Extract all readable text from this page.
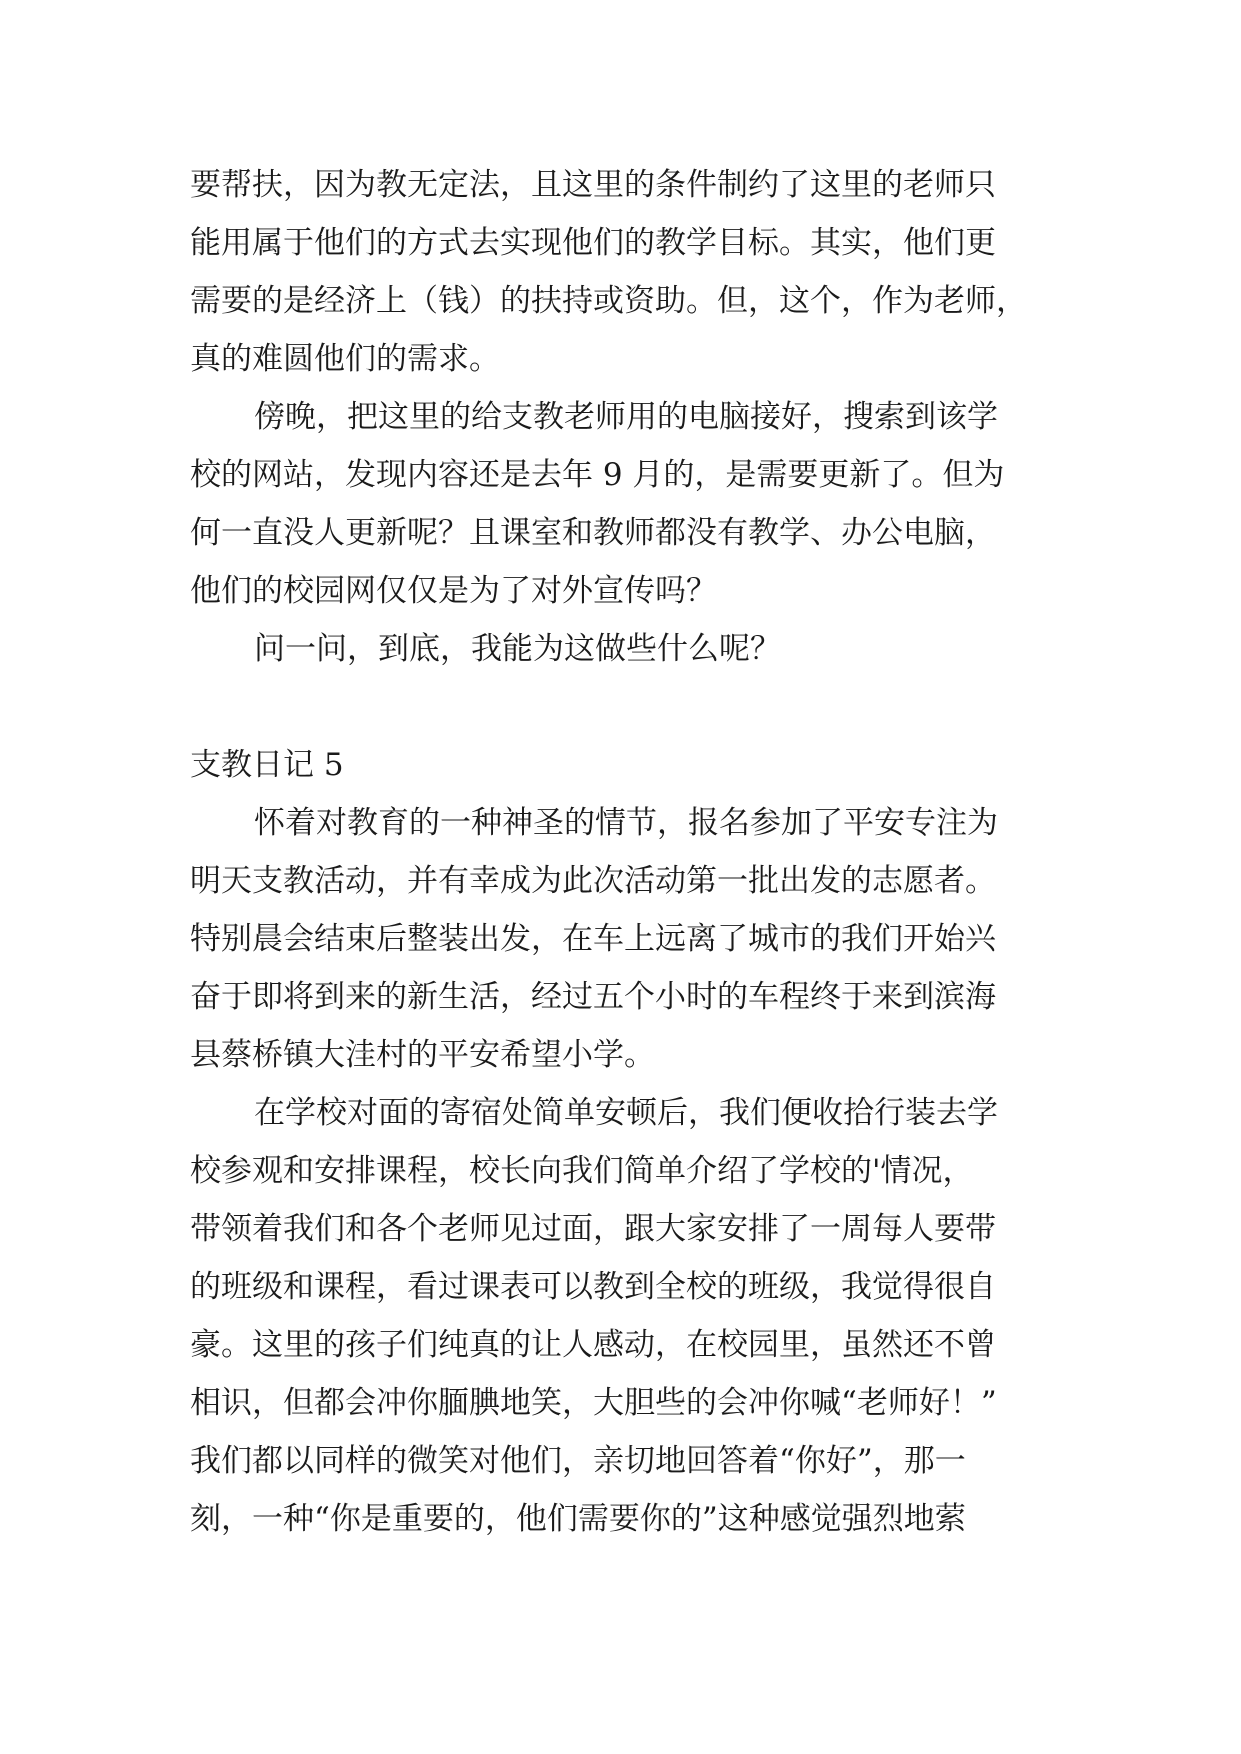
要帮扶，因为教无定法，且这里的条件制约了这里的老师只
能用属于他们的方式去实现他们的教学目标。其实，他们更
需要的是经济上（钱）的扶持或资助。但，这个，作为老师，
真的难圆他们的需求。
傍晚，把这里的给支教老师用的电脑接好，搜索到该学
校的网站，发现内容还是去年 9 月的，是需要更新了。但为
何一直没人更新呢？且课室和教师都没有教学、办公电脑，
他们的校园网仅仅是为了对外宣传吗？
问一问，到底，我能为这做些什么呢？
支教日记 5
怀着对教育的一种神圣的情节，报名参加了平安专注为
明天支教活动，并有幸成为此次活动第一批出发的志愿者。
特别晨会结束后整装出发，在车上远离了城市的我们开始兴
奋于即将到来的新生活，经过五个小时的车程终于来到滨海
县蔡桥镇大洼村的平安希望小学。
在学校对面的寄宿处简单安顿后，我们便收拾行装去学
校参观和安排课程，校长向我们简单介绍了学校的'情况，
带领着我们和各个老师见过面，跟大家安排了一周每人要带
的班级和课程，看过课表可以教到全校的班级，我觉得很自
豪。这里的孩子们纯真的让人感动，在校园里，虽然还不曾
相识，但都会冲你腼腆地笑，大胆些的会冲你喊“老师好！”
我们都以同样的微笑对他们，亲切地回答着“你好”，那一
刻，一种“你是重要的，他们需要你的”这种感觉强烈地萦
